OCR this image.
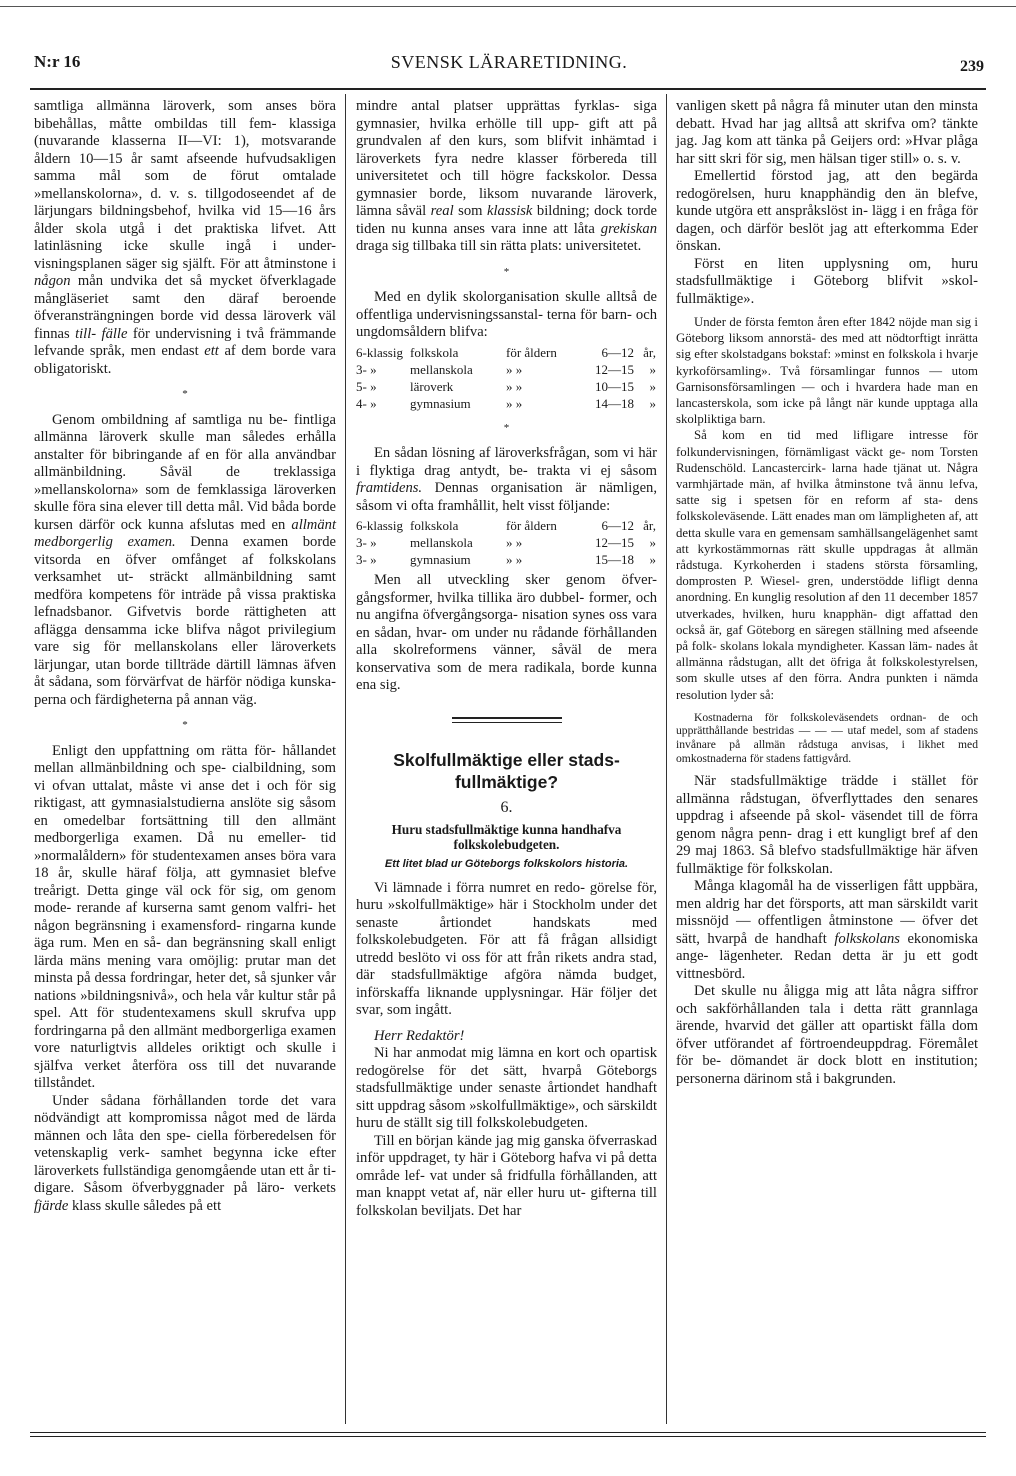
N:r 16	SVENSK LÄRARETIDNING.	239

samtliga allmänna läroverk, som anses böra bibehållas, måtte ombildas till fem- klassiga (nuvarande klasserna II—VI: 1), motsvarande åldern 10—15 år samt afseende hufvudsakligen samma mål som de förut omtalade »mellanskolorna», d. v. s. tillgodoseendet af de lärjungars bildningsbehof, hvilka vid 15—16 års ålder skola utgå i det praktiska lifvet. Att latinläsning icke skulle ingå i under- visningsplanen säger sig själft. För att åtminstone i någon mån undvika det så mycket öfverklagade mångläseriet samt den däraf beroende öfveransträngningen borde vid dessa läroverk väl finnas till- fälle för undervisning i två främmande lefvande språk, men endast ett af dem borde vara obligatoriskt.

*

Genom ombildning af samtliga nu be- fintliga allmänna läroverk skulle man således erhålla anstalter för bibringande af en för alla användbar allmänbildning. Såväl de treklassiga »mellanskolorna» som de femklassiga läroverken skulle föra sina elever till detta mål. Vid båda borde kursen därför ock kunna afslutas med en allmänt medborgerlig examen. Denna examen borde vitsorda en öfver omfånget af folkskolans verksamhet ut- sträckt allmänbildning samt medföra kompetens för inträde på vissa praktiska lefnadsbanor. Gifvetvis borde rättigheten att aflägga densamma icke blifva något privilegium vare sig för mellanskolans eller läroverkets lärjungar, utan borde tillträde därtill lämnas äfven åt sådana, som förvärfvat de härför nödiga kunska- perna och färdigheterna på annan väg.

*

Enligt den uppfattning om rätta för- hållandet mellan allmänbildning och spe- cialbildning, som vi ofvan uttalat, måste vi anse det i och för sig riktigast, att gymnasialstudierna anslöte sig såsom en omedelbar fortsättning till den allmänt medborgerliga examen. Då nu emeller- tid »normalåldern» för studentexamen anses böra vara 18 år, skulle häraf följa, att gymnasiet blefve treårigt. Detta ginge väl ock för sig, om genom mode- rerande af kurserna samt genom valfri- het någon begränsning i examensford- ringarna kunde äga rum. Men en så- dan begränsning skall enligt lärda mäns mening vara omöjlig: prutar man det minsta på dessa fordringar, heter det, så sjunker vår nations »bildningsnivå», och hela vår kultur står på spel. Att för studentexamens skull skrufva upp fordringarna på den allmänt medborgerliga examen vore naturligtvis alldeles oriktigt och skulle i själfva verket återföra oss till det nuvarande tillståndet.

Under sådana förhållanden torde det vara nödvändigt att kompromissa något med de lärda männen och låta den spe- ciella förberedelsen för vetenskaplig verk- samhet begynna icke efter läroverkets fullständiga genomgående utan ett år ti- digare. Såsom öfverbyggnader på läro- verkets fjärde klass skulle således på ett

mindre antal platser upprättas fyrklas- siga gymnasier, hvilka erhölle till upp- gift att på grundvalen af den kurs, som blifvit inhämtad i läroverkets fyra nedre klasser förbereda till universitetet och till högre fackskolor. Dessa gymnasier borde, liksom nuvarande läroverk, lämna såväl real som klassisk bildning; dock torde tiden nu kunna anses vara inne att låta grekiskan draga sig tillbaka till sin rätta plats: universitetet.

*

Med en dylik skolorganisation skulle alltså de offentliga undervisningssanstal- terna för barn- och ungdomsåldern blifva:

6-klassig folkskola	för åldern	6—12 år,
3- »	mellanskola	» »	12—15	»
5- »	läroverk	» »	10—15	»
4- »	gymnasium	» »	14—18	»
*

En sådan lösning af läroverksfrågan, som vi här i flyktiga drag antydt, be- trakta vi ej såsom framtidens. Dennas organisation är nämligen, såsom vi ofta framhållit, helt visst följande:

6-klassig folkskola	för åldern	6—12 år,
3- »	mellanskola	» »	12—15	»
3- »	gymnasium	» »	15—18	»

Men all utveckling sker genom öfver- gångsformer, hvilka tillika äro dubbel- former, och nu angifna öfvergångsorga- nisation synes oss vara en sådan, hvar- om under nu rådande förhållanden alla skolreformens vänner, såväl de mera konservativa som de mera radikala, borde kunna ena sig.

Skolfullmäktige eller stads- fullmäktige?
6.
Huru stadsfullmäktige kunna handhafva folkskolebudgeten.
Ett litet blad ur Göteborgs folkskolors historia.

Vi lämnade i förra numret en redo- görelse för, huru »skolfullmäktige» här i Stockholm under det senaste årtiondet handskats med folkskolebudgeten. För att få frågan allsidigt utredd beslöto vi oss för att från rikets andra stad, där stadsfullmäktige afgöra nämda budget, införskaffa liknande upplysningar. Här följer det svar, som ingått.

Herr Redaktör!

Ni har anmodat mig lämna en kort och opartisk redogörelse för det sätt, hvarpå Göteborgs stadsfullmäktige under senaste årtiondet handhaft sitt uppdrag såsom »skolfullmäktige», och särskildt huru de ställt sig till folkskolebudgeten.

Till en början kände jag mig ganska öfverraskad inför uppdraget, ty här i Göteborg hafva vi på detta område lef- vat under så fridfulla förhållanden, att man knappt vetat af, när eller huru ut- gifterna till folkskolan beviljats. Det har

vanligen skett på några få minuter utan den minsta debatt. Hvad har jag alltså att skrifva om? tänkte jag. Jag kom att tänka på Geijers ord: »Hvar plåga har sitt skri för sig, men hälsan tiger still» o. s. v.

Emellertid förstod jag, att den begärda redogörelsen, huru knapphändig den än blefve, kunde utgöra ett anspråkslöst in- lägg i en fråga för dagen, och därför beslöt jag att efterkomma Eder önskan.

Först en liten upplysning om, huru stadsfullmäktige i Göteborg blifvit »skol- fullmäktige».

Under de första femton åren efter 1842 nöjde man sig i Göteborg liksom annorstä- des med att nödtorftigt inrätta sig efter skolstadgans bokstaf: »minst en folkskola i hvarje kyrkoförsamling». Två församlingar funnos — utom Garnisonsförsamlingen — och i hvardera hade man en lancasterskola, som icke på långt när kunde upptaga alla skolpliktiga barn.

Så kom en tid med lifligare intresse för folkundervisningen, förnämligast väckt ge- nom Torsten Rudenschöld. Lancastercirk- larna hade tjänat ut. Några varmhjärtade män, af hvilka åtminstone två ännu lefva, satte sig i spetsen för en reform af sta- dens folkskoleväsende. Lätt enades man om lämpligheten af, att detta skulle vara en gemensam samhällsangelägenhet samt att kyrkostämmornas rätt skulle uppdragas åt allmän rådstuga. Kyrkoherden i stadens största församling, domprosten P. Wiesel- gren, understödde lifligt denna anordning. En kunglig resolution af den 11 december 1857 utverkades, hvilken, huru knapphän- digt affattad den också är, gaf Göteborg en säregen ställning med afseende på folk- skolans lokala myndigheter. Kassan läm- nades åt allmänna rådstugan, allt det öfriga åt folkskolestyrelsen, som skulle utses af den förra. Andra punkten i nämda resolution lyder så:

Kostnaderna för folkskoleväsendets ordnan- de och upprätthållande bestridas — — — utaf medel, som af stadens invånare på allmän rådstuga anvisas, i likhet med omkostnaderna för stadens fattigvård.

När stadsfullmäktige trädde i stället för allmänna rådstugan, öfverflyttades den senares uppdrag i afseende på skol- väsendet till de förra genom några penn- drag i ett kungligt bref af den 29 maj 1863. Så blefvo stadsfullmäktige här äfven fullmäktige för folkskolan.

Många klagomål ha de visserligen fått uppbära, men aldrig har det försports, att man särskildt varit missnöjd — offentligen åtminstone — öfver det sätt, hvarpå de handhaft folkskolans ekonomiska ange- lägenheter. Redan detta är ju ett godt vittnesbörd.

Det skulle nu åligga mig att låta några siffror och sakförhållanden tala i detta rätt grannlaga ärende, hvarvid det gäller att opartiskt fälla dom öfver utförandet af förtroendeuppdrag. Föremålet för be- dömandet är dock blott en institution; personerna därinom stå i bakgrunden.
